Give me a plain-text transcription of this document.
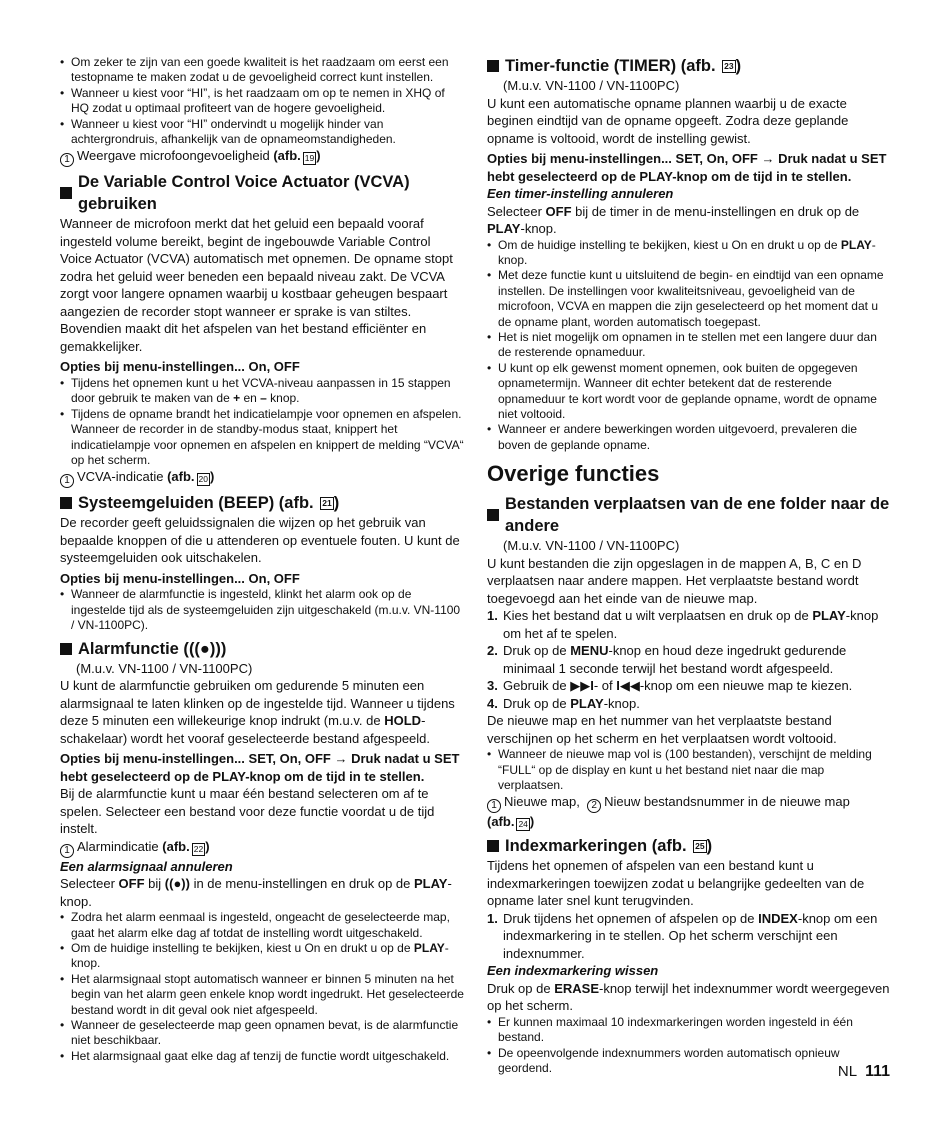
• Om zeker te zijn van een goede kwaliteit is het raadzaam om eerst een testopname te maken zodat u de gevoeligheid correct kunt instellen.
• Wanneer u kiest voor “HI”, is het raadzaam om op te nemen in XHQ of HQ zodat u optimaal profiteert van de hogere gevoeligheid.
• Wanneer u kiest voor “HI” ondervindt u mogelijk hinder van achtergrondruis, afhankelijk van de opnameomstandigheden.

1 Weergave microfoongevoeligheid (afb. 19 )

De Variable Control Voice Actuator (VCVA) gebruiken

Wanneer de microfoon merkt dat het geluid een bepaald vooraf ingesteld volume bereikt, begint de ingebouwde Variable Control Voice Actuator (VCVA) automatisch met opnemen. De opname stopt zodra het geluid weer beneden een bepaald niveau zakt. De VCVA zorgt voor langere opnamen waarbij u kostbaar geheugen bespaart aangezien de recorder stopt wanneer er sprake is van stiltes. Bovendien maakt dit het afspelen van het bestand efficiënter en gemakkelijker.

Opties bij menu-instellingen... On, OFF

• Tijdens het opnemen kunt u het VCVA-niveau aanpassen in 15 stappen door gebruik te maken van de + en – knop.
• Tijdens de opname brandt het indicatielampje voor opnemen en afspelen. Wanneer de recorder in de standby-modus staat, knippert het indicatielampje voor opnemen en afspelen en knippert de melding “VCVA“ op het scherm.

1 VCVA-indicatie (afb. 20 )

Systeemgeluiden (BEEP) (afb.
21 )

De recorder geeft geluidssignalen die wijzen op het gebruik van bepaalde knoppen of die u attenderen op eventuele fouten. U kunt de systeemgeluiden ook uitschakelen.

Opties bij menu-instellingen... On, OFF

• Wanneer de alarmfunctie is ingesteld, klinkt het alarm ook op de ingestelde tijd als de systeemgeluiden zijn uitgeschakeld (m.u.v. VN-1100 / VN-1100PC).
Alarmfunctie ( ((●)) )

(M.u.v. VN-1100 / VN-1100PC)

U kunt de alarmfunctie gebruiken om gedurende 5 minuten een alarmsignaal te laten klinken op de ingestelde tijd. Wanneer u tijdens deze 5 minuten een willekeurige knop indrukt (m.u.v. de HOLD-schakelaar) wordt het vooraf geselecteerde bestand afgespeeld.

Opties bij menu-instellingen... SET, On, OFF → Druk nadat u SET hebt geselecteerd op de PLAY-knop om de tijd in te stellen.

Bij de alarmfunctie kunt u maar één bestand selecteren om af te spelen. Selecteer een bestand voor deze functie voordat u de tijd instelt.

1 Alarmindicatie (afb. 22 )

Een alarmsignaal annuleren

Selecteer OFF bij ((●)) in de menu-instellingen en druk op de PLAY-knop.

• Zodra het alarm eenmaal is ingesteld, ongeacht de geselecteerde map, gaat het alarm elke dag af totdat de instelling wordt uitgeschakeld.
• Om de huidige instelling te bekijken, kiest u On en drukt u op de PLAY-knop.
• Het alarmsignaal stopt automatisch wanneer er binnen 5 minuten na het begin van het alarm geen enkele knop wordt ingedrukt. Het geselecteerde bestand wordt in dit geval ook niet afgespeeld.
• Wanneer de geselecteerde map geen opnamen bevat, is de alarmfunctie niet beschikbaar.
• Het alarmsignaal gaat elke dag af tenzij de functie wordt uitgeschakeld.
Timer-functie (TIMER) (afb.
23 )

(M.u.v. VN-1100 / VN-1100PC)

U kunt een automatische opname plannen waarbij u de exacte beginen eindtijd van de opname opgeeft. Zodra deze geplande opname is voltooid, wordt de instelling gewist.

Opties bij menu-instellingen... SET, On, OFF → Druk nadat u SET hebt geselecteerd op de PLAY-knop om de tijd in te stellen.

Een timer-instelling annuleren

Selecteer OFF bij de timer in de menu-instellingen en druk op de PLAY-knop.

• Om de huidige instelling te bekijken, kiest u On en drukt u op de PLAY-knop.
• Met deze functie kunt u uitsluitend de begin- en eindtijd van een opname instellen. De instellingen voor kwaliteitsniveau, gevoeligheid van de microfoon, VCVA en mappen die zijn geselecteerd op het moment dat u de opname plant, worden automatisch toegepast.
• Het is niet mogelijk om opnamen in te stellen met een langere duur dan de resterende opnameduur.
• U kunt op elk gewenst moment opnemen, ook buiten de opgegeven opnametermijn. Wanneer dit echter betekent dat de resterende opnameduur te kort wordt voor de geplande opname, wordt de opname niet voltooid.
• Wanneer er andere bewerkingen worden uitgevoerd, prevaleren die boven de geplande opname.
Overige functies
Bestanden verplaatsen van de ene folder naar de andere

(M.u.v. VN-1100 / VN-1100PC)

U kunt bestanden die zijn opgeslagen in de mappen A, B, C en D verplaatsen naar andere mappen. Het verplaatste bestand wordt toegevoegd aan het einde van de nieuwe map.

1. Kies het bestand dat u wilt verplaatsen en druk op de PLAY-knop om het af te spelen.
2. Druk op de MENU-knop en houd deze ingedrukt gedurende minimaal 1 seconde terwijl het bestand wordt afgespeeld.
3. Gebruik de ▶▶I- of I◀◀-knop om een nieuwe map te kiezen.
4. Druk op de PLAY-knop.

De nieuwe map en het nummer van het verplaatste bestand verschijnen op het scherm en het verplaatsen wordt voltooid.

• Wanneer de nieuwe map vol is (100 bestanden), verschijnt de melding “FULL“ op de display en kunt u het bestand niet naar die map verplaatsen.

1 Nieuwe map, 2 Nieuw bestandsnummer in de nieuwe map

(afb. 24 )

Indexmarkeringen (afb.
25 )

Tijdens het opnemen of afspelen van een bestand kunt u indexmarkeringen toewijzen zodat u belangrijke gedeelten van de opname later snel kunt terugvinden.

1. Druk tijdens het opnemen of afspelen op de INDEX-knop om een indexmarkering in te stellen. Op het scherm verschijnt een indexnummer.

Een indexmarkering wissen

Druk op de ERASE-knop terwijl het indexnummer wordt weergegeven op het scherm.

• Er kunnen maximaal 10 indexmarkeringen worden ingesteld in één bestand.
• De opeenvolgende indexnummers worden automatisch opnieuw geordend.	NL 111
